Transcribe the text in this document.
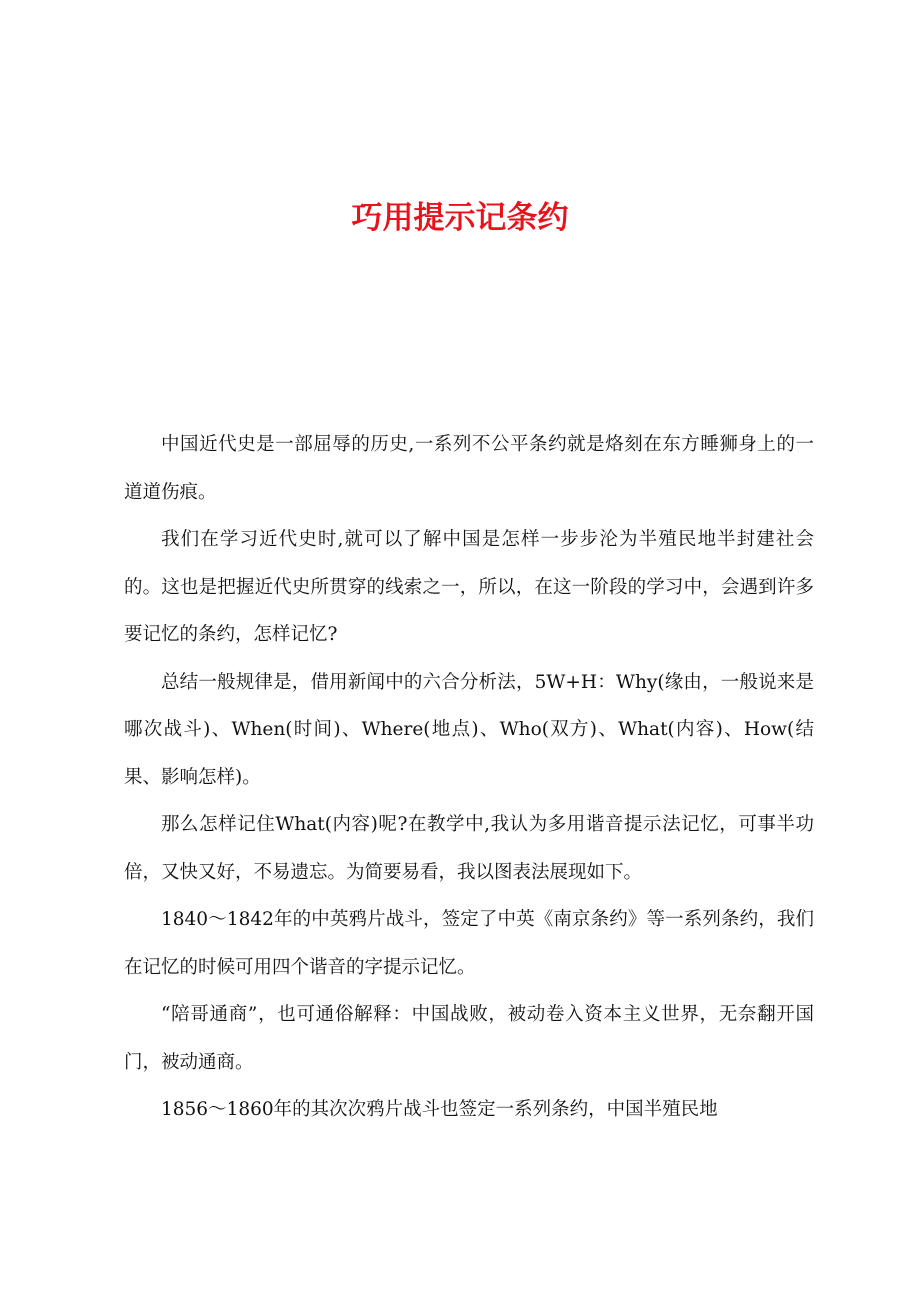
巧用提示记条约

中国近代史是一部屈辱的历史,一系列不公平条约就是烙刻在东方睡狮身上的一道道伤痕。

我们在学习近代史时,就可以了解中国是怎样一步步沦为半殖民地半封建社会的。这也是把握近代史所贯穿的线索之一，所以，在这一阶段的学习中，会遇到许多要记忆的条约，怎样记忆?

总结一般规律是，借用新闻中的六合分析法，5W+H：Why(缘由，一般说来是哪次战斗)、When(时间)、Where(地点)、Who(双方)、What(内容)、How(结果、影响怎样)。

那么怎样记住What(内容)呢?在教学中,我认为多用谐音提示法记忆，可事半功倍，又快又好，不易遗忘。为简要易看，我以图表法展现如下。

1840～1842年的中英鸦片战斗，签定了中英《南京条约》等一系列条约，我们在记忆的时候可用四个谐音的字提示记忆。

“陪哥通商”，也可通俗解释：中国战败，被动卷入资本主义世界，无奈翻开国门，被动通商。

1856～1860年的其次次鸦片战斗也签定一系列条约，中国半殖民地
